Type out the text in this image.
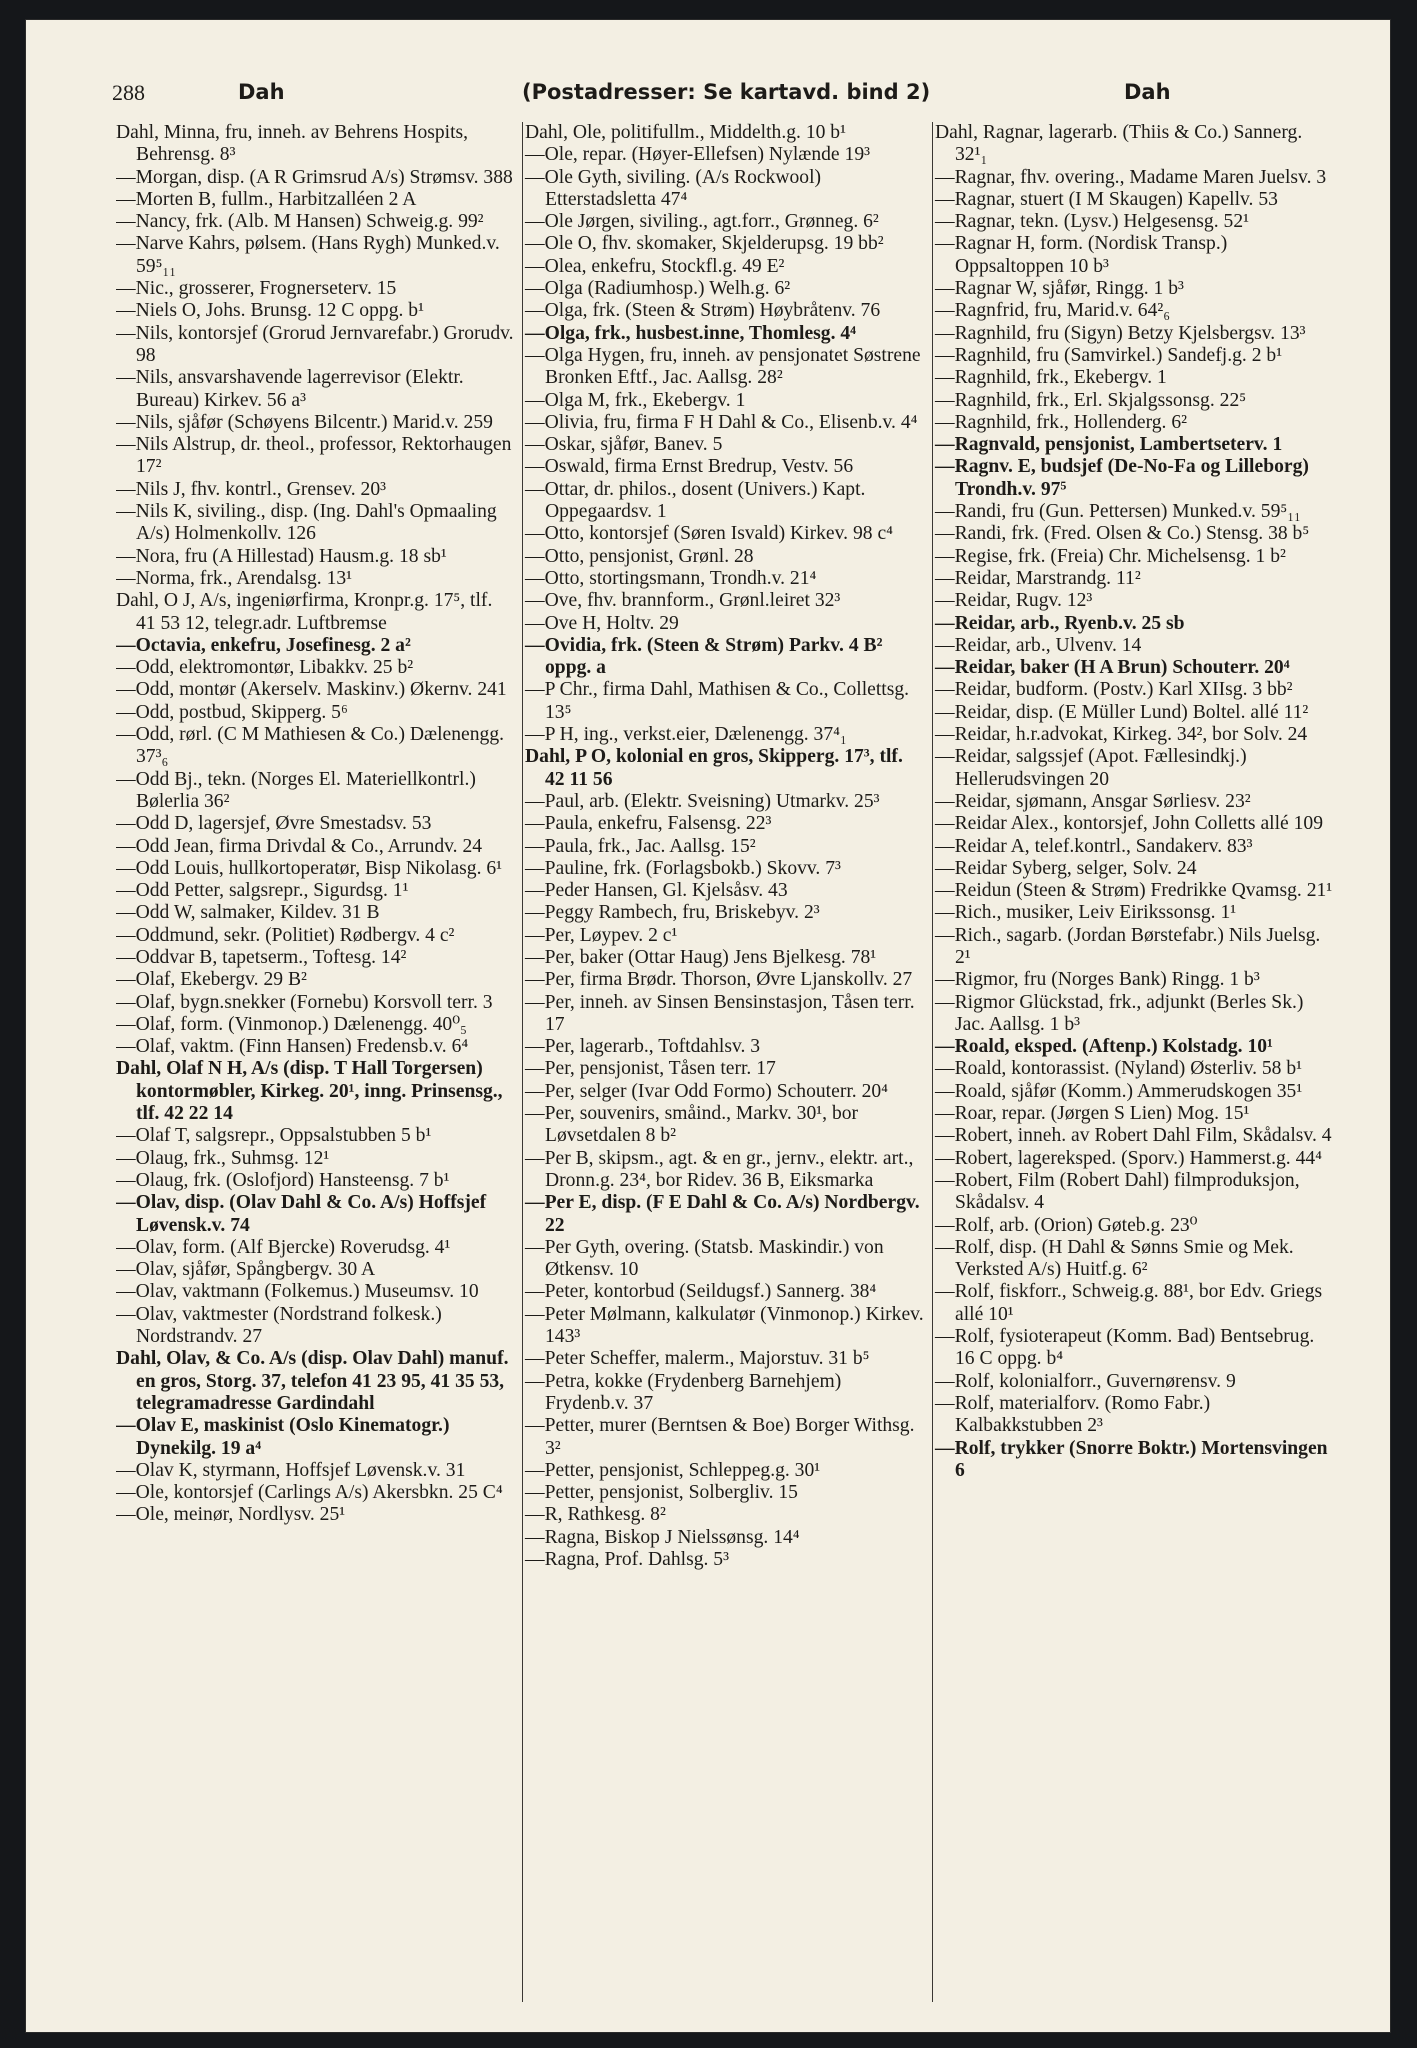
288	Dah	(Postadresser: Se kartavd. bind 2)	Dah

Dahl, Minna, fru, inneh. av Behrens Hospits, Behrensg. 8³

—Morgan, disp. (A R Grimsrud A/s) Strømsv. 388

—Morten B, fullm., Harbitzalléen 2 A

—Nancy, frk. (Alb. M Hansen) Schweig.g. 99²

—Narve Kahrs, pølsem. (Hans Rygh) Munked.v. 59⁵₁₁

—Nic., grosserer, Frognerseterv. 15

—Niels O, Johs. Brunsg. 12 C oppg. b¹

—Nils, kontorsjef (Grorud Jernvarefabr.) Grorudv. 98

—Nils, ansvarshavende lagerrevisor (Elektr. Bureau) Kirkev. 56 a³

—Nils, sjåfør (Schøyens Bilcentr.) Marid.v. 259

—Nils Alstrup, dr. theol., professor, Rektorhaugen 17²

—Nils J, fhv. kontrl., Grensev. 20³

—Nils K, siviling., disp. (Ing. Dahl's Opmaaling A/s) Holmenkollv. 126

—Nora, fru (A Hillestad) Hausm.g. 18 sb¹

—Norma, frk., Arendalsg. 13¹

Dahl, O J, A/s, ingeniørfirma, Kronpr.g. 17⁵, tlf. 41 53 12, telegr.adr. Luftbremse

—Octavia, enkefru, Josefinesg. 2 a²

—Odd, elektromontør, Libakkv. 25 b²

—Odd, montør (Akerselv. Maskinv.) Økernv. 241

—Odd, postbud, Skipperg. 5⁶

—Odd, rørl. (C M Mathiesen & Co.) Dælenengg. 37³₆

—Odd Bj., tekn. (Norges El. Materiellkontrl.) Bølerlia 36²

—Odd D, lagersjef, Øvre Smestadsv. 53

—Odd Jean, firma Drivdal & Co., Arrundv. 24

—Odd Louis, hullkortoperatør, Bisp Nikolasg. 6¹

—Odd Petter, salgsrepr., Sigurdsg. 1¹

—Odd W, salmaker, Kildev. 31 B

—Oddmund, sekr. (Politiet) Rødbergv. 4 c²

—Oddvar B, tapetserm., Toftesg. 14²

—Olaf, Ekebergv. 29 B²

—Olaf, bygn.snekker (Fornebu) Korsvoll terr. 3

—Olaf, form. (Vinmonop.) Dælenengg. 40⁰₅

—Olaf, vaktm. (Finn Hansen) Fredensb.v. 6⁴

Dahl, Olaf N H, A/s (disp. T Hall Torgersen) kontormøbler, Kirkeg. 20¹, inng. Prinsensg., tlf. 42 22 14

—Olaf T, salgsrepr., Oppsalstubben 5 b¹

—Olaug, frk., Suhmsg. 12¹

—Olaug, frk. (Oslofjord) Hansteensg. 7 b¹

—Olav, disp. (Olav Dahl & Co. A/s) Hoffsjef Løvensk.v. 74

—Olav, form. (Alf Bjercke) Roverudsg. 4¹

—Olav, sjåfør, Spångbergv. 30 A

—Olav, vaktmann (Folkemus.) Museumsv. 10

—Olav, vaktmester (Nordstrand folkesk.) Nordstrandv. 27

Dahl, Olav, & Co. A/s (disp. Olav Dahl) manuf. en gros, Storg. 37, telefon 41 23 95, 41 35 53, telegramadresse Gardindahl

—Olav E, maskinist (Oslo Kinematogr.) Dynekilg. 19 a⁴

—Olav K, styrmann, Hoffsjef Løvensk.v. 31

—Ole, kontorsjef (Carlings A/s) Akersbkn. 25 C⁴

—Ole, meinør, Nordlysv. 25¹

Dahl, Ole, politifullm., Middelth.g. 10 b¹

—Ole, repar. (Høyer-Ellefsen) Nylænde 19³

—Ole Gyth, siviling. (A/s Rockwool) Etterstadsletta 47⁴

—Ole Jørgen, siviling., agt.forr., Grønneg. 6²

—Ole O, fhv. skomaker, Skjelderupsg. 19 bb²

—Olea, enkefru, Stockfl.g. 49 E²

—Olga (Radiumhosp.) Welh.g. 6²

—Olga, frk. (Steen & Strøm) Høybråtenv. 76

—Olga, frk., husbest.inne, Thomlesg. 4⁴

—Olga Hygen, fru, inneh. av pensjonatet Søstrene Bronken Eftf., Jac. Aallsg. 28²

—Olga M, frk., Ekebergv. 1

—Olivia, fru, firma F H Dahl & Co., Elisenb.v. 4⁴

—Oskar, sjåfør, Banev. 5

—Oswald, firma Ernst Bredrup, Vestv. 56

—Ottar, dr. philos., dosent (Univers.) Kapt. Oppegaardsv. 1

—Otto, kontorsjef (Søren Isvald) Kirkev. 98 c⁴

—Otto, pensjonist, Grønl. 28

—Otto, stortingsmann, Trondh.v. 21⁴

—Ove, fhv. brannform., Grønl.leiret 32³

—Ove H, Holtv. 29

—Ovidia, frk. (Steen & Strøm) Parkv. 4 B² oppg. a

—P Chr., firma Dahl, Mathisen & Co., Collettsg. 13⁵

—P H, ing., verkst.eier, Dælenengg. 37⁴₁

Dahl, P O, kolonial en gros, Skipperg. 17³, tlf. 42 11 56

—Paul, arb. (Elektr. Sveisning) Utmarkv. 25³

—Paula, enkefru, Falsensg. 22³

—Paula, frk., Jac. Aallsg. 15²

—Pauline, frk. (Forlagsbokb.) Skovv. 7³

—Peder Hansen, Gl. Kjelsåsv. 43

—Peggy Rambech, fru, Briskebyv. 2³

—Per, Løypev. 2 c¹

—Per, baker (Ottar Haug) Jens Bjelkesg. 78¹

—Per, firma Brødr. Thorson, Øvre Ljanskollv. 27

—Per, inneh. av Sinsen Bensinstasjon, Tåsen terr. 17

—Per, lagerarb., Toftdahlsv. 3

—Per, pensjonist, Tåsen terr. 17

—Per, selger (Ivar Odd Formo) Schouterr. 20⁴

—Per, souvenirs, småind., Markv. 30¹, bor Løvsetdalen 8 b²

—Per B, skipsm., agt. & en gr., jernv., elektr. art., Dronn.g. 23⁴, bor Ridev. 36 B, Eiksmarka

—Per E, disp. (F E Dahl & Co. A/s) Nordbergv. 22

—Per Gyth, overing. (Statsb. Maskindir.) von Øtkensv. 10

—Peter, kontorbud (Seildugsf.) Sannerg. 38⁴

—Peter Mølmann, kalkulatør (Vinmonop.) Kirkev. 143³

—Peter Scheffer, malerm., Majorstuv. 31 b⁵

—Petra, kokke (Frydenberg Barnehjem) Frydenb.v. 37

—Petter, murer (Berntsen & Boe) Borger Withsg. 3²

—Petter, pensjonist, Schleppeg.g. 30¹

—Petter, pensjonist, Solbergliv. 15

—R, Rathkesg. 8²

—Ragna, Biskop J Nielssønsg. 14⁴

—Ragna, Prof. Dahlsg. 5³

Dahl, Ragnar, lagerarb. (Thiis & Co.) Sannerg. 32¹₁

—Ragnar, fhv. overing., Madame Maren Juelsv. 3

—Ragnar, stuert (I M Skaugen) Kapellv. 53

—Ragnar, tekn. (Lysv.) Helgesensg. 52¹

—Ragnar H, form. (Nordisk Transp.) Oppsaltoppen 10 b³

—Ragnar W, sjåfør, Ringg. 1 b³

—Ragnfrid, fru, Marid.v. 64²₆

—Ragnhild, fru (Sigyn) Betzy Kjelsbergsv. 13³

—Ragnhild, fru (Samvirkel.) Sandefj.g. 2 b¹

—Ragnhild, frk., Ekebergv. 1

—Ragnhild, frk., Erl. Skjalgssonsg. 22⁵

—Ragnhild, frk., Hollenderg. 6²

—Ragnvald, pensjonist, Lambertseterv. 1

—Ragnv. E, budsjef (De-No-Fa og Lilleborg) Trondh.v. 97⁵

—Randi, fru (Gun. Pettersen) Munked.v. 59⁵₁₁

—Randi, frk. (Fred. Olsen & Co.) Stensg. 38 b⁵

—Regise, frk. (Freia) Chr. Michelsensg. 1 b²

—Reidar, Marstrandg. 11²

—Reidar, Rugv. 12³

—Reidar, arb., Ryenb.v. 25 sb

—Reidar, arb., Ulvenv. 14

—Reidar, baker (H A Brun) Schouterr. 20⁴

—Reidar, budform. (Postv.) Karl XIIsg. 3 bb²

—Reidar, disp. (E Müller Lund) Boltel. allé 11²

—Reidar, h.r.advokat, Kirkeg. 34², bor Solv. 24

—Reidar, salgssjef (Apot. Fællesindkj.) Hellerudsvingen 20

—Reidar, sjømann, Ansgar Sørliesv. 23²

—Reidar Alex., kontorsjef, John Colletts allé 109

—Reidar A, telef.kontrl., Sandakerv. 83³

—Reidar Syberg, selger, Solv. 24

—Reidun (Steen & Strøm) Fredrikke Qvamsg. 21¹

—Rich., musiker, Leiv Eirikssonsg. 1¹

—Rich., sagarb. (Jordan Børstefabr.) Nils Juelsg. 2¹

—Rigmor, fru (Norges Bank) Ringg. 1 b³

—Rigmor Glückstad, frk., adjunkt (Berles Sk.) Jac. Aallsg. 1 b³

—Roald, eksped. (Aftenp.) Kolstadg. 10¹

—Roald, kontorassist. (Nyland) Østerliv. 58 b¹

—Roald, sjåfør (Komm.) Ammerudskogen 35¹

—Roar, repar. (Jørgen S Lien) Mog. 15¹

—Robert, inneh. av Robert Dahl Film, Skådalsv. 4

—Robert, lagereksped. (Sporv.) Hammerst.g. 44⁴

—Robert, Film (Robert Dahl) filmproduksjon, Skådalsv. 4

—Rolf, arb. (Orion) Gøteb.g. 23⁰

—Rolf, disp. (H Dahl & Sønns Smie og Mek. Verksted A/s) Huitf.g. 6²

—Rolf, fiskforr., Schweig.g. 88¹, bor Edv. Griegs allé 10¹

—Rolf, fysioterapeut (Komm. Bad) Bentsebrug. 16 C oppg. b⁴

—Rolf, kolonialforr., Guvernørensv. 9

—Rolf, materialforv. (Romo Fabr.) Kalbakkstubben 2³

—Rolf, trykker (Snorre Boktr.) Mortensvingen 6
